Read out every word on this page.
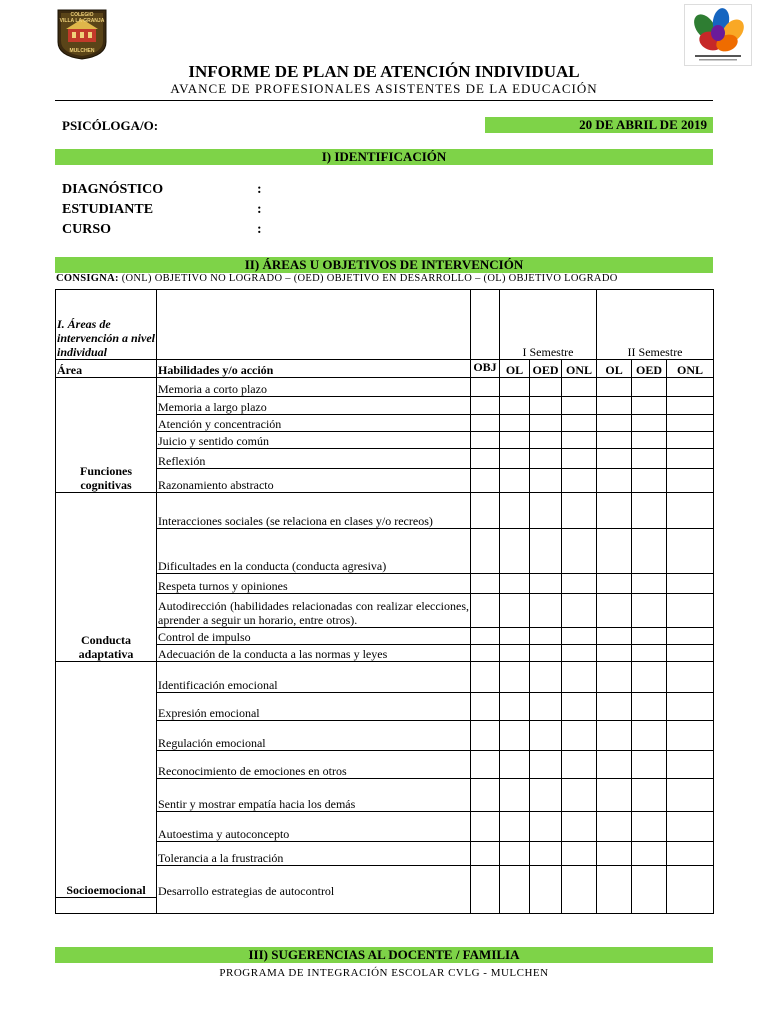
COLEGIO
VILLA LA GRANJA
MULCHEN
INFORME DE PLAN DE ATENCIÓN INDIVIDUAL
AVANCE DE PROFESIONALES ASISTENTES DE LA EDUCACIÓN
PSICÓLOGA/O:	20 DE ABRIL DE 2019
I) IDENTIFICACIÓN
DIAGNÓSTICO	:
ESTUDIANTE	:
CURSO	:
II) ÁREAS U OBJETIVOS DE INTERVENCIÓN
CONSIGNA: (ONL) OBJETIVO NO LOGRADO – (OED) OBJETIVO EN DESARROLLO – (OL) OBJETIVO LOGRADO
I. Áreas de intervención a nivel individual			I Semestre			II Semestre		
Área	Habilidades y/o acción	OBJ	OL	OED	ONL	OL	OED	ONL
Funciones cognitivas	Memoria a corto plazo							
	Memoria a largo plazo							
	Atención y concentración							
	Juicio y sentido común							
	Reflexión							
	Razonamiento abstracto							
Conducta adaptativa	Interacciones sociales (se relaciona en clases y/o recreos)							
	Dificultades en la conducta (conducta agresiva)							
	Respeta turnos y opiniones							
	Autodirección (habilidades relacionadas con realizar elecciones, aprender a seguir un horario, entre otros).							
	Control de impulso							
	Adecuación de la conducta a las normas y leyes							
Socioemocional	Identificación emocional							
	Expresión emocional							
	Regulación emocional							
	Reconocimiento de emociones en otros							
	Sentir y mostrar empatía hacia los demás							
	Autoestima y autoconcepto							
	Tolerancia a la frustración							
	Desarrollo estrategias de autocontrol							

III) SUGERENCIAS AL DOCENTE / FAMILIA
PROGRAMA DE INTEGRACIÓN ESCOLAR CVLG - MULCHEN
